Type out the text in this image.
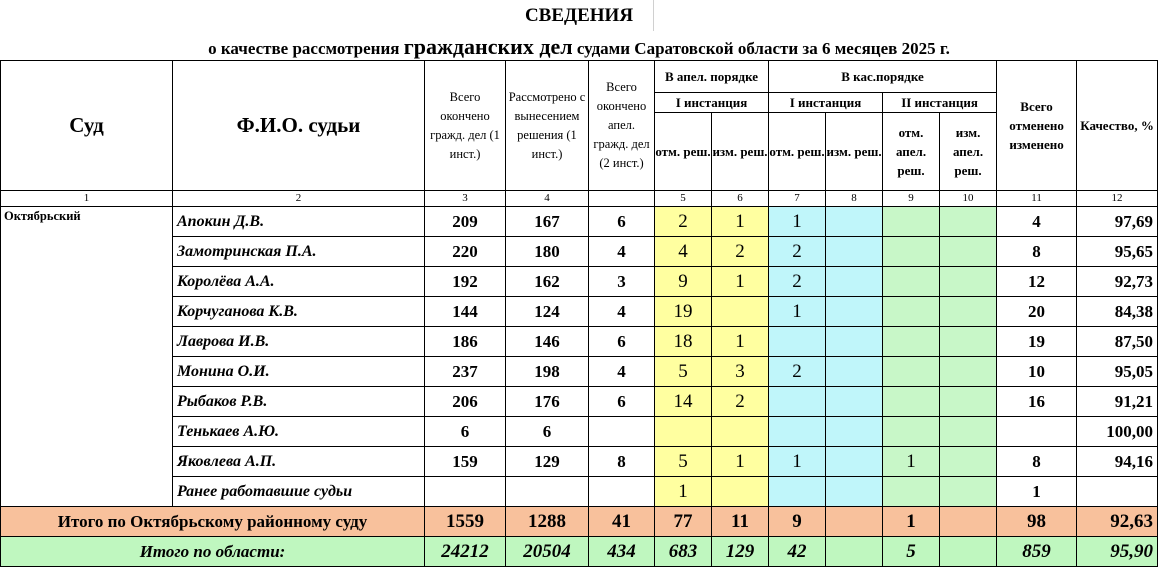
СВЕДЕНИЯ
о качестве рассмотрения гражданских дел судами Саратовской области за 6 месяцев 2025 г.
Суд	Ф.И.О. судьи	Всего окончено гражд. дел (1 инст.)	Рассмотрено с вынесением решения (1 инст.)	Всего окончено апел. гражд. дел (2 инст.)	В апел. порядке		В кас.порядке				Всего отменено изменено	Качество, %
					I инстанция		I инстанция		II инстанция			
					отм. реш.	изм. реш.	отм. реш.	изм. реш.	отм. апел. реш.	изм. апел. реш.		
1	2	3	4		5	6	7	8	9	10	11	12
Октябрьский	Апокин Д.В.	209	167	6	2	1	1				4	97,69
	Замотринская П.А.	220	180	4	4	2	2				8	95,65
	Королёва А.А.	192	162	3	9	1	2				12	92,73
	Корчуганова К.В.	144	124	4	19		1				20	84,38
	Лаврова И.В.	186	146	6	18	1					19	87,50
	Монина О.И.	237	198	4	5	3	2				10	95,05
	Рыбаков Р.В.	206	176	6	14	2					16	91,21
	Тенькаев А.Ю.	6	6									100,00
	Яковлева А.П.	159	129	8	5	1	1		1		8	94,16
	Ранее работавшие судьи				1						1	
Итого по Октябрьскому районному суду		1559	1288	41	77	11	9		1		98	92,63
Итого по области:		24212	20504	434	683	129	42		5		859	95,90
